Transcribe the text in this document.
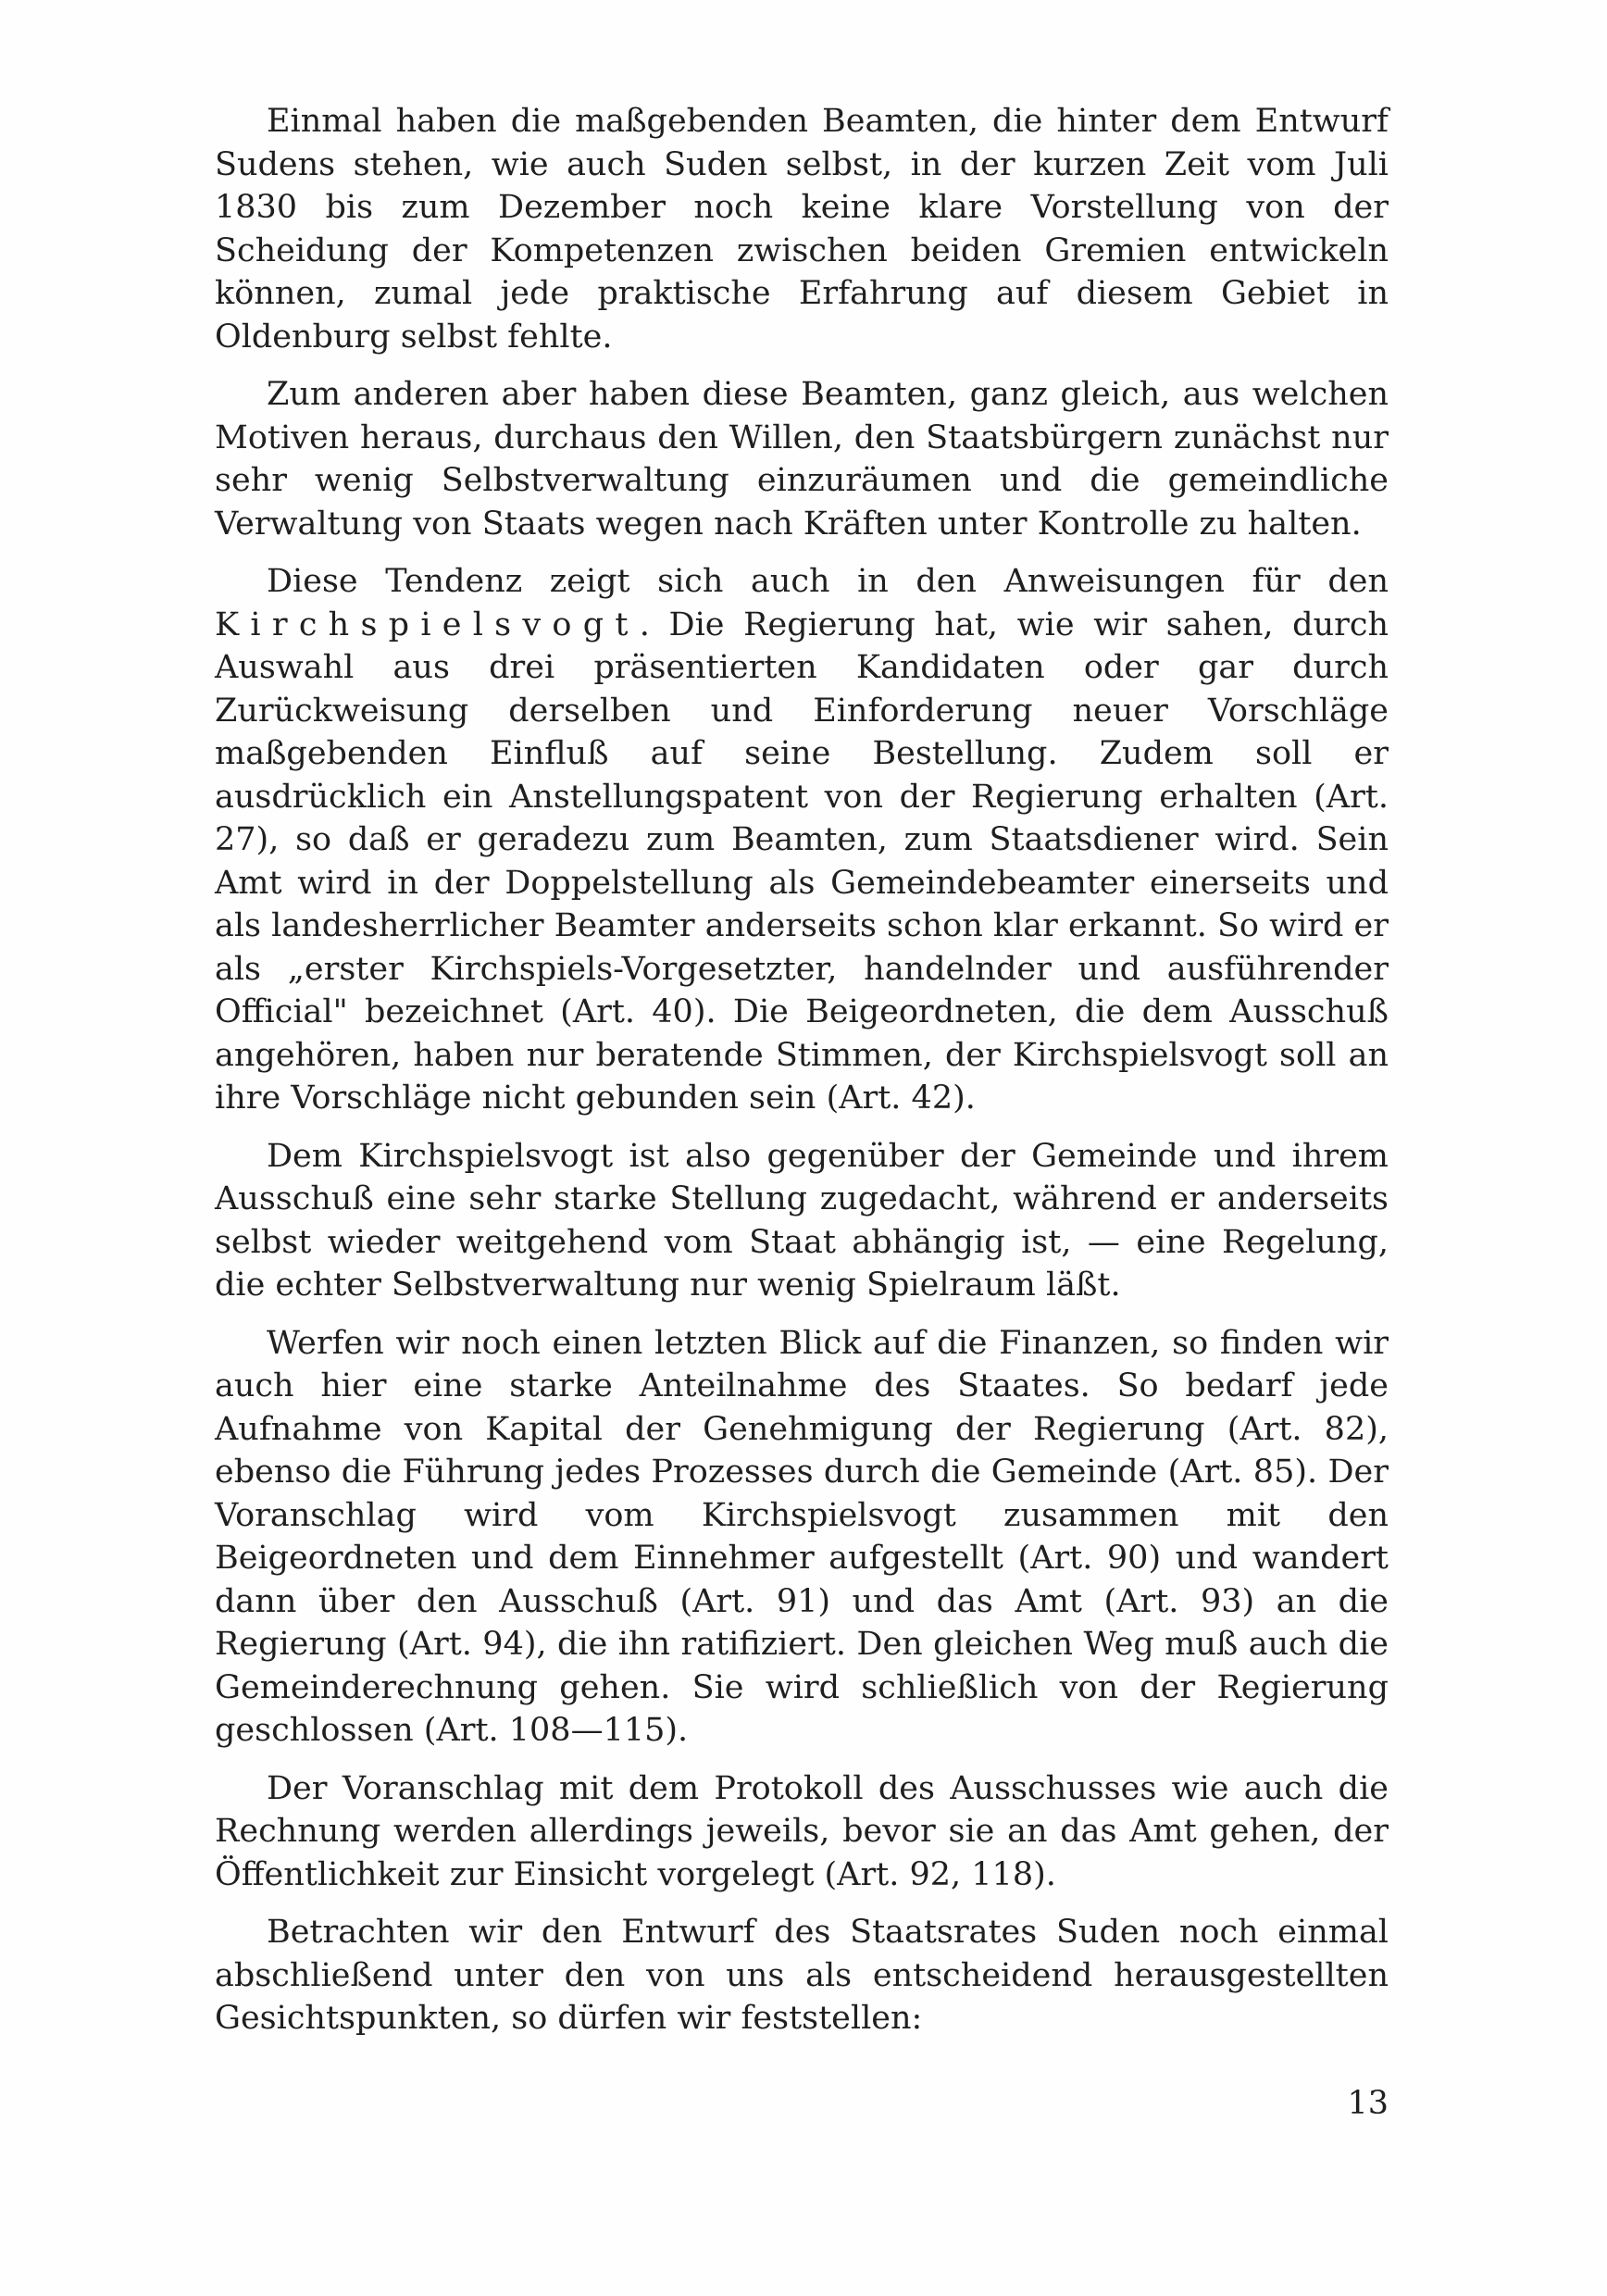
Einmal haben die maßgebenden Beamten, die hinter dem Entwurf Sudens stehen, wie auch Suden selbst, in der kurzen Zeit vom Juli 1830 bis zum Dezember noch keine klare Vorstellung von der Scheidung der Kompetenzen zwischen beiden Gremien entwickeln können, zumal jede praktische Erfahrung auf diesem Gebiet in Oldenburg selbst fehlte.

Zum anderen aber haben diese Beamten, ganz gleich, aus welchen Motiven heraus, durchaus den Willen, den Staatsbürgern zunächst nur sehr wenig Selbstverwaltung einzuräumen und die gemeindliche Verwaltung von Staats wegen nach Kräften unter Kontrolle zu halten.

Diese Tendenz zeigt sich auch in den Anweisungen für den Kirchspielsvogt. Die Regierung hat, wie wir sahen, durch Auswahl aus drei präsentierten Kandidaten oder gar durch Zurückweisung derselben und Einforderung neuer Vorschläge maßgebenden Einfluß auf seine Bestellung. Zudem soll er ausdrücklich ein Anstellungspatent von der Regierung erhalten (Art. 27), so daß er geradezu zum Beamten, zum Staatsdiener wird. Sein Amt wird in der Doppelstellung als Gemeindebeamter einerseits und als landesherrlicher Beamter anderseits schon klar erkannt. So wird er als „erster Kirchspiels-Vorgesetzter, handelnder und ausführender Official" bezeichnet (Art. 40). Die Beigeordneten, die dem Ausschuß angehören, haben nur beratende Stimmen, der Kirchspielsvogt soll an ihre Vorschläge nicht gebunden sein (Art. 42).

Dem Kirchspielsvogt ist also gegenüber der Gemeinde und ihrem Ausschuß eine sehr starke Stellung zugedacht, während er anderseits selbst wieder weitgehend vom Staat abhängig ist, — eine Regelung, die echter Selbstverwaltung nur wenig Spielraum läßt.

Werfen wir noch einen letzten Blick auf die Finanzen, so finden wir auch hier eine starke Anteilnahme des Staates. So bedarf jede Aufnahme von Kapital der Genehmigung der Regierung (Art. 82), ebenso die Führung jedes Prozesses durch die Gemeinde (Art. 85). Der Voranschlag wird vom Kirchspielsvogt zusammen mit den Beigeordneten und dem Einnehmer aufgestellt (Art. 90) und wandert dann über den Ausschuß (Art. 91) und das Amt (Art. 93) an die Regierung (Art. 94), die ihn ratifiziert. Den gleichen Weg muß auch die Gemeinderechnung gehen. Sie wird schließlich von der Regierung geschlossen (Art. 108—115).

Der Voranschlag mit dem Protokoll des Ausschusses wie auch die Rechnung werden allerdings jeweils, bevor sie an das Amt gehen, der Öffentlichkeit zur Einsicht vorgelegt (Art. 92, 118).

Betrachten wir den Entwurf des Staatsrates Suden noch einmal abschließend unter den von uns als entscheidend herausgestellten Gesichtspunkten, so dürfen wir feststellen:

13
